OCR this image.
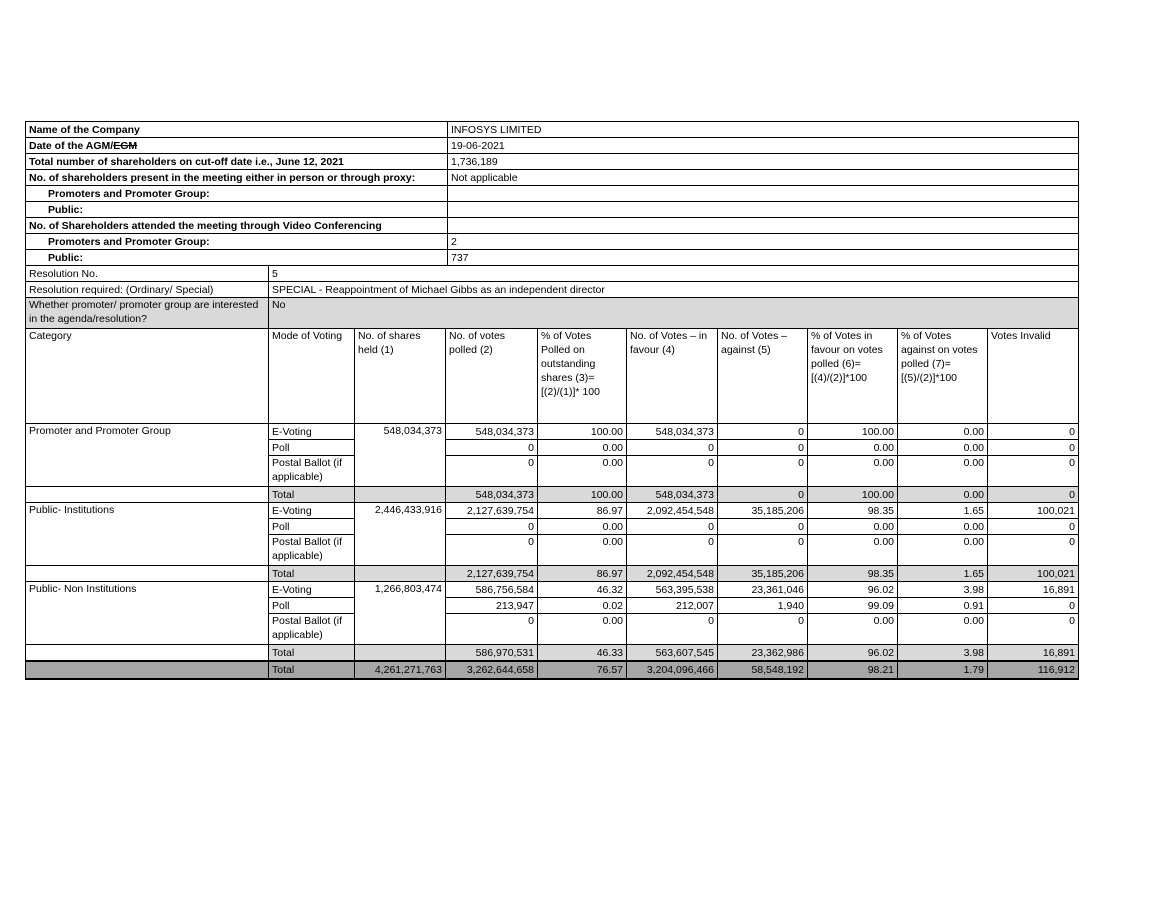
Name of the Company	INFOSYS LIMITED
Date of the AGM/EGM	19-06-2021
Total number of shareholders on cut-off date i.e., June 12, 2021	1,736,189
No. of shareholders present in the meeting either in person or through proxy:	Not applicable
Promoters and Promoter Group:	
Public:	
No. of Shareholders attended the meeting through Video Conferencing	
Promoters and Promoter Group:	2
Public:	737
Resolution No.	5
Resolution required: (Ordinary/ Special)	SPECIAL - Reappointment of Michael Gibbs as an independent director
Whether promoter/ promoter group are interested in the agenda/resolution?	No
Category	Mode of Voting	No. of shares held (1)	No. of votes polled (2)	% of Votes Polled on outstanding shares (3)=[(2)/(1)]* 100	No. of Votes – in favour (4)	No. of Votes – against (5)	% of Votes in favour on votes polled (6)=[(4)/(2)]*100	% of Votes against on votes polled (7)=[(5)/(2)]*100	Votes Invalid
Promoter and Promoter Group	E-Voting	548,034,373	548,034,373	100.00	548,034,373	0	100.00	0.00	0
	Poll		0	0.00	0	0	0.00	0.00	0
	Postal Ballot (if applicable)		0	0.00	0	0	0.00	0.00	0
	Total		548,034,373	100.00	548,034,373	0	100.00	0.00	0
Public- Institutions	E-Voting	2,446,433,916	2,127,639,754	86.97	2,092,454,548	35,185,206	98.35	1.65	100,021
	Poll		0	0.00	0	0	0.00	0.00	0
	Postal Ballot (if applicable)		0	0.00	0	0	0.00	0.00	0
	Total		2,127,639,754	86.97	2,092,454,548	35,185,206	98.35	1.65	100,021
Public- Non Institutions	E-Voting	1,266,803,474	586,756,584	46.32	563,395,538	23,361,046	96.02	3.98	16,891
	Poll		213,947	0.02	212,007	1,940	99.09	0.91	0
	Postal Ballot (if applicable)		0	0.00	0	0	0.00	0.00	0
	Total		586,970,531	46.33	563,607,545	23,362,986	96.02	3.98	16,891
	Total	4,261,271,763	3,262,644,658	76.57	3,204,096,466	58,548,192	98.21	1.79	116,912
